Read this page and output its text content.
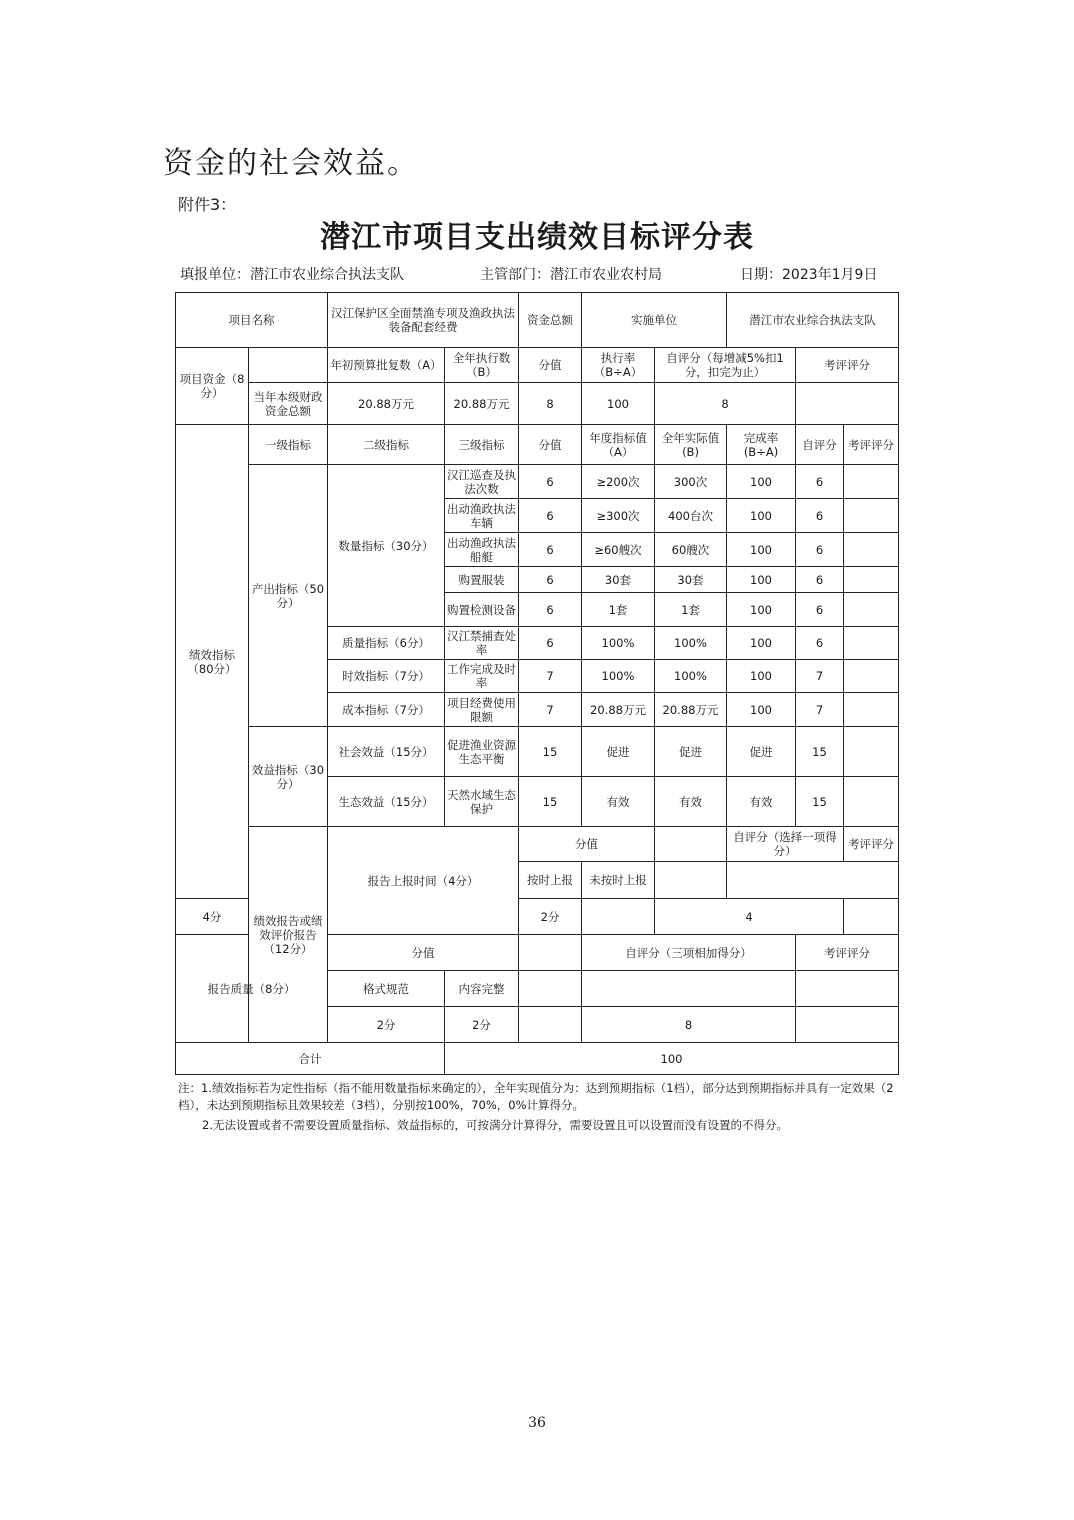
资金的社会效益。
附件3：
潜江市项目支出绩效目标评分表
填报单位：潜江市农业综合执法支队	主管部门：潜江市农业农村局	日期：2023年1月9日
项目名称		汉江保护区全面禁渔专项及渔政执法装备配套经费		资金总额	实施单位		潜江市农业综合执法支队			
项目资金（8分）		年初预算批复数（A）	全年执行数（B）	分值	执行率（B÷A）	自评分（每增减5%扣1分，扣完为止）		考评评分		
	当年本级财政资金总额	20.88万元	20.88万元	8	100	8				
绩效指标（80分）	一级指标	二级指标	三级指标	分值	年度指标值（A）	全年实际值(B)	完成率(B÷A)	自评分	考评评分	
	产出指标（50分）	数量指标（30分）	汉江巡查及执法次数	6	≥200次	300次	100	6		
			出动渔政执法车辆	6	≥300次	400台次	100	6		
			出动渔政执法船艇	6	≥60艘次	60艘次	100	6		
			购置服装	6	30套	30套	100	6		
			购置检测设备	6	1套	1套	100	6		
		质量指标（6分）	汉江禁捕查处率	6	100%	100%	100	6		
		时效指标（7分）	工作完成及时率	7	100%	100%	100	7		
		成本指标（7分）	项目经费使用限额	7	20.88万元	20.88万元	100	7		
	效益指标（30分）	社会效益（15分）	促进渔业资源生态平衡	15	促进	促进	促进	15		
		生态效益（15分）	天然水域生态保护	15	有效	有效	有效	15		
	绩效报告或绩效评价报告（12分）	报告上报时间（4分）		分值			自评分（选择一项得分）		考评评分	
				按时上报	未按时上报					
4分				2分		4				
报告质量（8分）		分值			自评分（三项相加得分）			考评评分		
		格式规范	内容完整							
		2分	2分		8					
合计			100							

注：1.绩效指标若为定性指标（指不能用数量指标来确定的），全年实现值分为：达到预期指标（1档），部分达到预期指标并具有一定效果（2档），未达到预期指标且效果较差（3档），分别按100%，70%，0%计算得分。

2.无法设置或者不需要设置质量指标、效益指标的，可按满分计算得分，需要设置且可以设置而没有设置的不得分。

36
